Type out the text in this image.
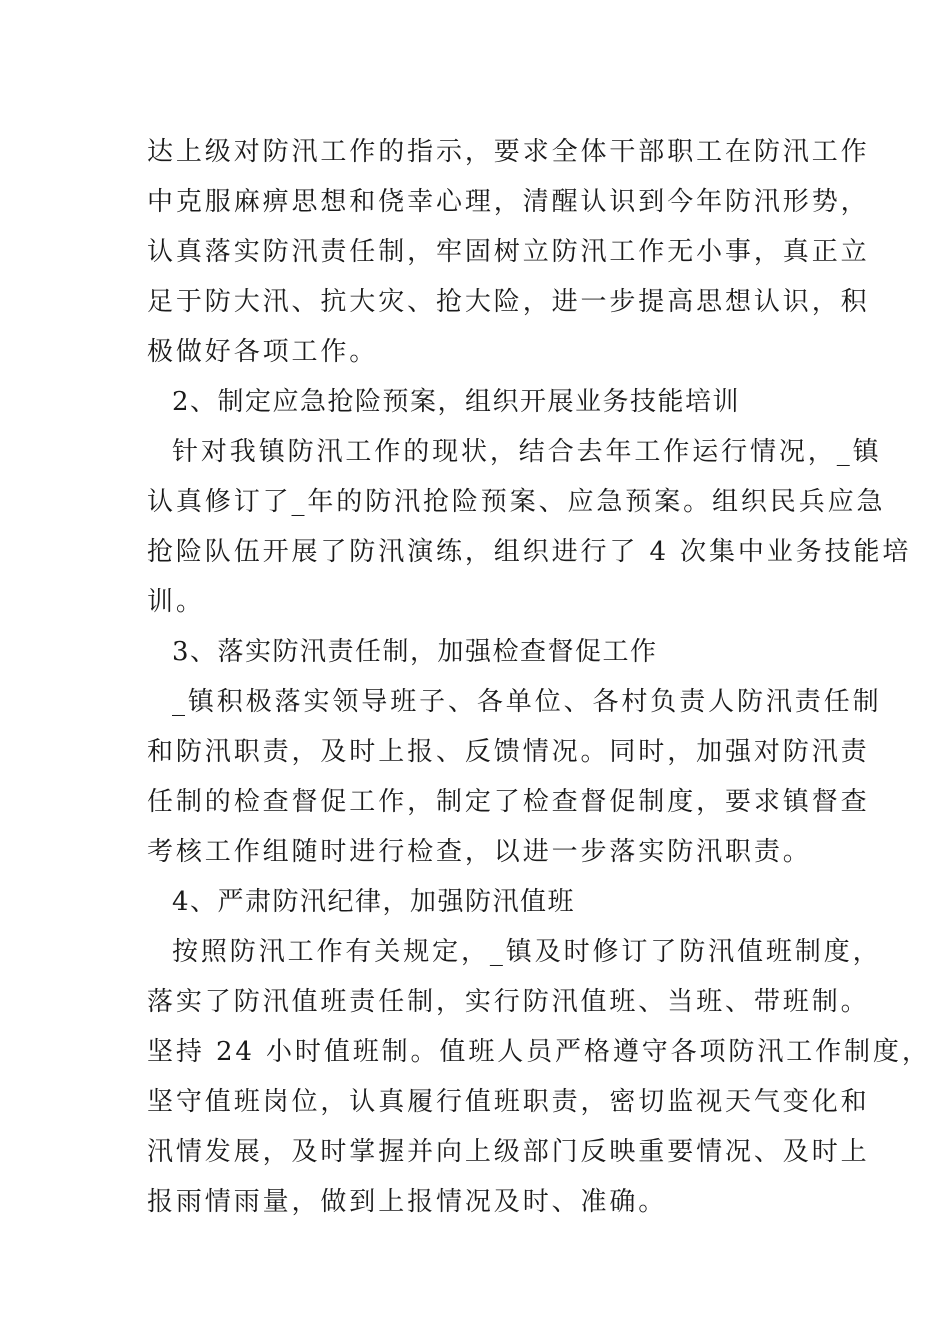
达上级对防汛工作的指示，要求全体干部职工在防汛工作
中克服麻痹思想和侥幸心理，清醒认识到今年防汛形势，
认真落实防汛责任制，牢固树立防汛工作无小事，真正立
足于防大汛、抗大灾、抢大险，进一步提高思想认识，积
极做好各项工作。
2、制定应急抢险预案，组织开展业务技能培训
针对我镇防汛工作的现状，结合去年工作运行情况，_镇
认真修订了_年的防汛抢险预案、应急预案。组织民兵应急
抢险队伍开展了防汛演练，组织进行了 4 次集中业务技能培
训。
3、落实防汛责任制，加强检查督促工作
_镇积极落实领导班子、各单位、各村负责人防汛责任制
和防汛职责，及时上报、反馈情况。同时，加强对防汛责
任制的检查督促工作，制定了检查督促制度，要求镇督查
考核工作组随时进行检查，以进一步落实防汛职责。
4、严肃防汛纪律，加强防汛值班
按照防汛工作有关规定，_镇及时修订了防汛值班制度，
落实了防汛值班责任制，实行防汛值班、当班、带班制。
坚持 24 小时值班制。值班人员严格遵守各项防汛工作制度，
坚守值班岗位，认真履行值班职责，密切监视天气变化和
汛情发展，及时掌握并向上级部门反映重要情况、及时上
报雨情雨量，做到上报情况及时、准确。
